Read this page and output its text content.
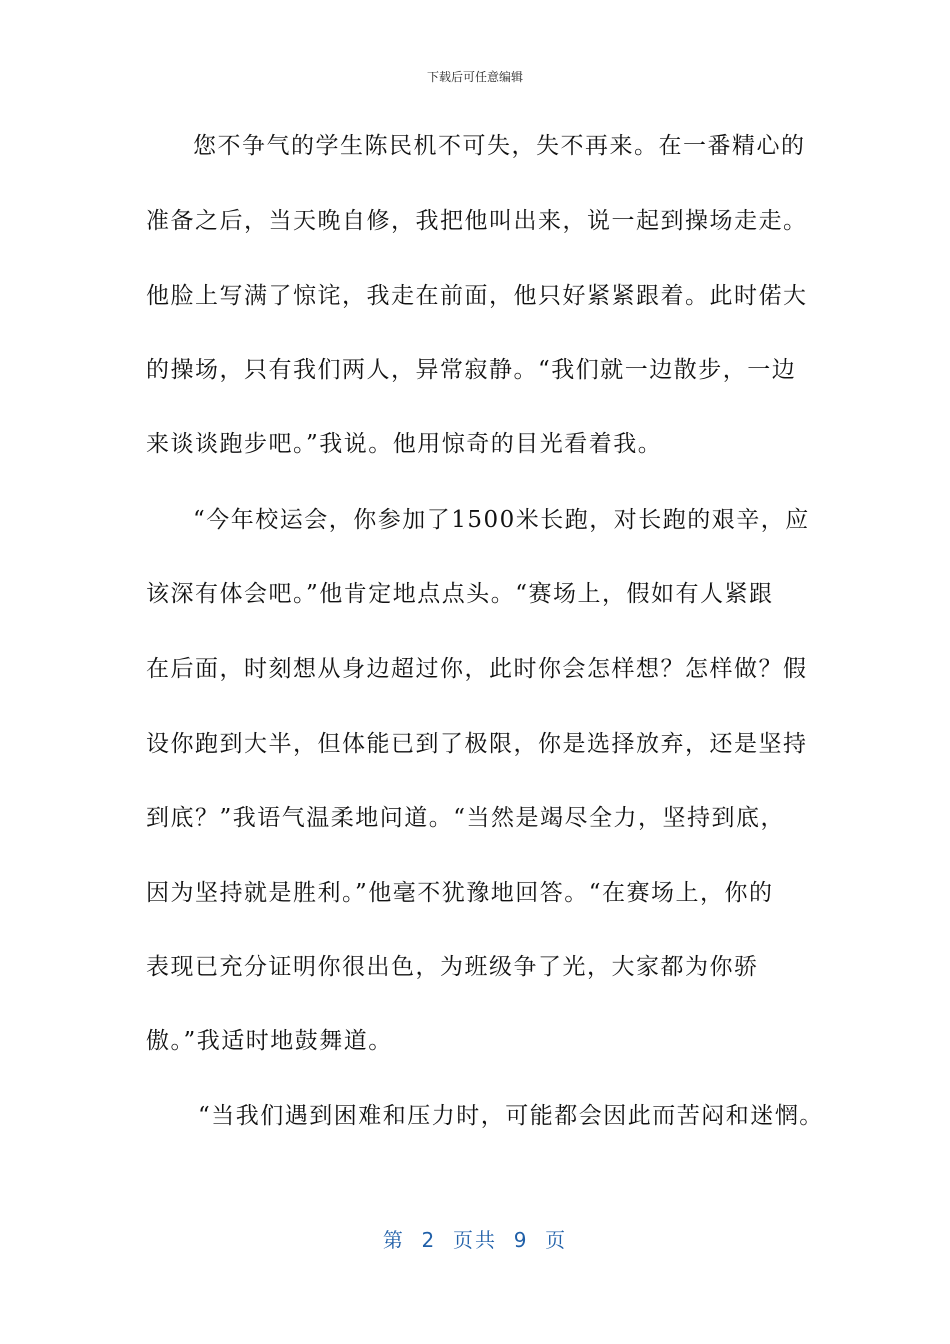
下载后可任意编辑
您不争气的学生陈民机不可失，失不再来。在一番精心的
准备之后，当天晚自修，我把他叫出来，说一起到操场走走。
他脸上写满了惊诧，我走在前面，他只好紧紧跟着。此时偌大
的操场，只有我们两人，异常寂静。“我们就一边散步，一边
来谈谈跑步吧。”我说。他用惊奇的目光看着我。
“今年校运会，你参加了1500米长跑，对长跑的艰辛，应
该深有体会吧。”他肯定地点点头。“赛场上，假如有人紧跟
在后面，时刻想从身边超过你，此时你会怎样想？怎样做？假
设你跑到大半，但体能已到了极限，你是选择放弃，还是坚持
到底？”我语气温柔地问道。“当然是竭尽全力，坚持到底，
因为坚持就是胜利。”他毫不犹豫地回答。“在赛场上，你的
表现已充分证明你很出色，为班级争了光，大家都为你骄
傲。”我适时地鼓舞道。
“当我们遇到困难和压力时，可能都会因此而苦闷和迷惘。
第  2  页共  9  页
